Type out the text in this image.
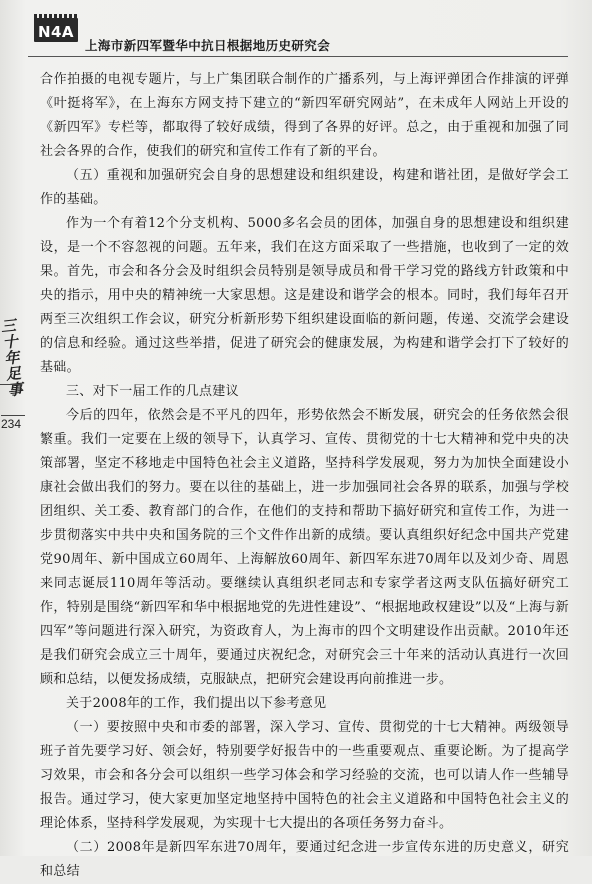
N4A
上海市新四军暨华中抗日根据地历史研究会
三十年足事
234

合作拍摄的电视专题片，与上广集团联合制作的广播系列，与上海评弹团合作排演的评弹《叶挺将军》，在上海东方网支持下建立的“新四军研究网站”，在未成年人网站上开设的《新四军》专栏等，都取得了较好成绩，得到了各界的好评。总之，由于重视和加强了同社会各界的合作，使我们的研究和宣传工作有了新的平台。

（五）重视和加强研究会自身的思想建设和组织建设，构建和谐社团，是做好学会工作的基础。

作为一个有着12个分支机构、5000多名会员的团体，加强自身的思想建设和组织建设，是一个不容忽视的问题。五年来，我们在这方面采取了一些措施，也收到了一定的效果。首先，市会和各分会及时组织会员特别是领导成员和骨干学习党的路线方针政策和中央的指示，用中央的精神统一大家思想。这是建设和谐学会的根本。同时，我们每年召开两至三次组织工作会议，研究分析新形势下组织建设面临的新问题，传递、交流学会建设的信息和经验。通过这些举措，促进了研究会的健康发展，为构建和谐学会打下了较好的基础。

三、对下一届工作的几点建议

今后的四年，依然会是不平凡的四年，形势依然会不断发展，研究会的任务依然会很繁重。我们一定要在上级的领导下，认真学习、宣传、贯彻党的十七大精神和党中央的决策部署，坚定不移地走中国特色社会主义道路，坚持科学发展观，努力为加快全面建设小康社会做出我们的努力。要在以往的基础上，进一步加强同社会各界的联系，加强与学校团组织、关工委、教育部门的合作，在他们的支持和帮助下搞好研究和宣传工作，为进一步贯彻落实中共中央和国务院的三个文件作出新的成绩。要认真组织好纪念中国共产党建党90周年、新中国成立60周年、上海解放60周年、新四军东进70周年以及刘少奇、周恩来同志诞辰110周年等活动。要继续认真组织老同志和专家学者这两支队伍搞好研究工作，特别是围绕“新四军和华中根据地党的先进性建设”、“根据地政权建设”以及“上海与新四军”等问题进行深入研究，为资政育人，为上海市的四个文明建设作出贡献。2010年还是我们研究会成立三十周年，要通过庆祝纪念，对研究会三十年来的活动认真进行一次回顾和总结，以便发扬成绩，克服缺点，把研究会建设再向前推进一步。

关于2008年的工作，我们提出以下参考意见

（一）要按照中央和市委的部署，深入学习、宣传、贯彻党的十七大精神。两级领导班子首先要学习好、领会好，特别要学好报告中的一些重要观点、重要论断。为了提高学习效果，市会和各分会可以组织一些学习体会和学习经验的交流，也可以请人作一些辅导报告。通过学习，使大家更加坚定地坚持中国特色的社会主义道路和中国特色社会主义的理论体系，坚持科学发展观，为实现十七大提出的各项任务努力奋斗。

（二）2008年是新四军东进70周年，要通过纪念进一步宣传东进的历史意义，研究和总结
